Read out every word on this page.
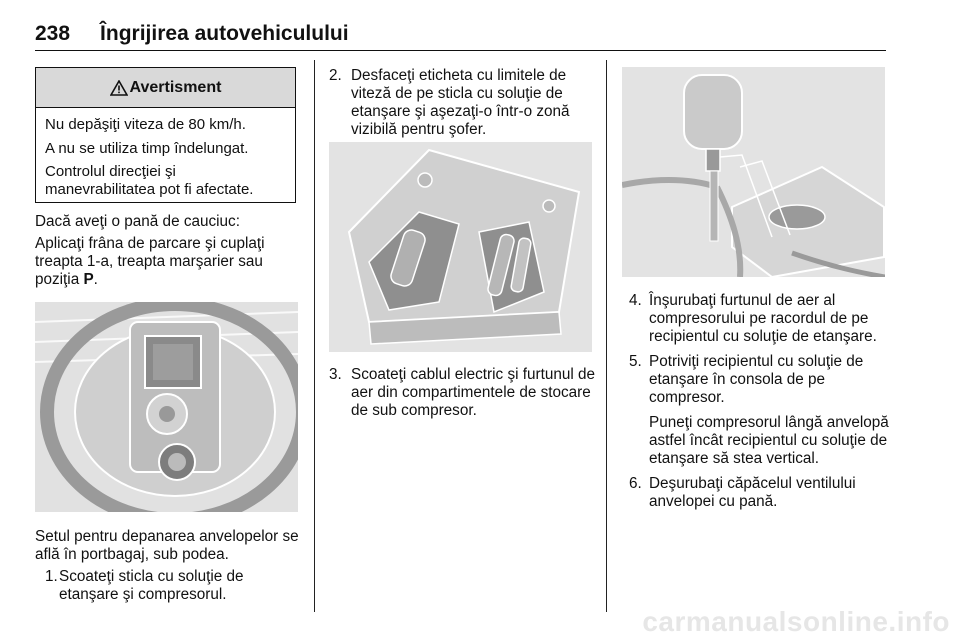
238 Îngrijirea autovehiculului
Avertisment

Nu depăşiţi viteza de 80 km/h.

A nu se utiliza timp îndelungat.

Controlul direcţiei şi manevrabilitatea pot fi afectate.

Dacă aveţi o pană de cauciuc:

Aplicaţi frâna de parcare şi cuplaţi treapta 1-a, treapta marşarier sau poziţia P.

Setul pentru depanarea anvelopelor se află în portbagaj, sub podea.

1. Scoateţi sticla cu soluţie de etanşare şi compresorul.

2. Desfaceţi eticheta cu limitele de viteză de pe sticla cu soluţie de etanşare şi aşezaţi-o într-o zonă vizibilă pentru şofer.

3. Scoateţi cablul electric şi furtunul de aer din compartimentele de stocare de sub compresor.

4. Înşurubaţi furtunul de aer al compresorului pe racordul de pe recipientul cu soluţie de etanşare.

5. Potriviţi recipientul cu soluţie de etanşare în consola de pe compresor.

Puneţi compresorul lângă anvelopă astfel încât recipientul cu soluţie de etanşare să stea vertical.

6. Deşurubaţi căpăcelul ventilului anvelopei cu pană.

carmanualsonline.info
